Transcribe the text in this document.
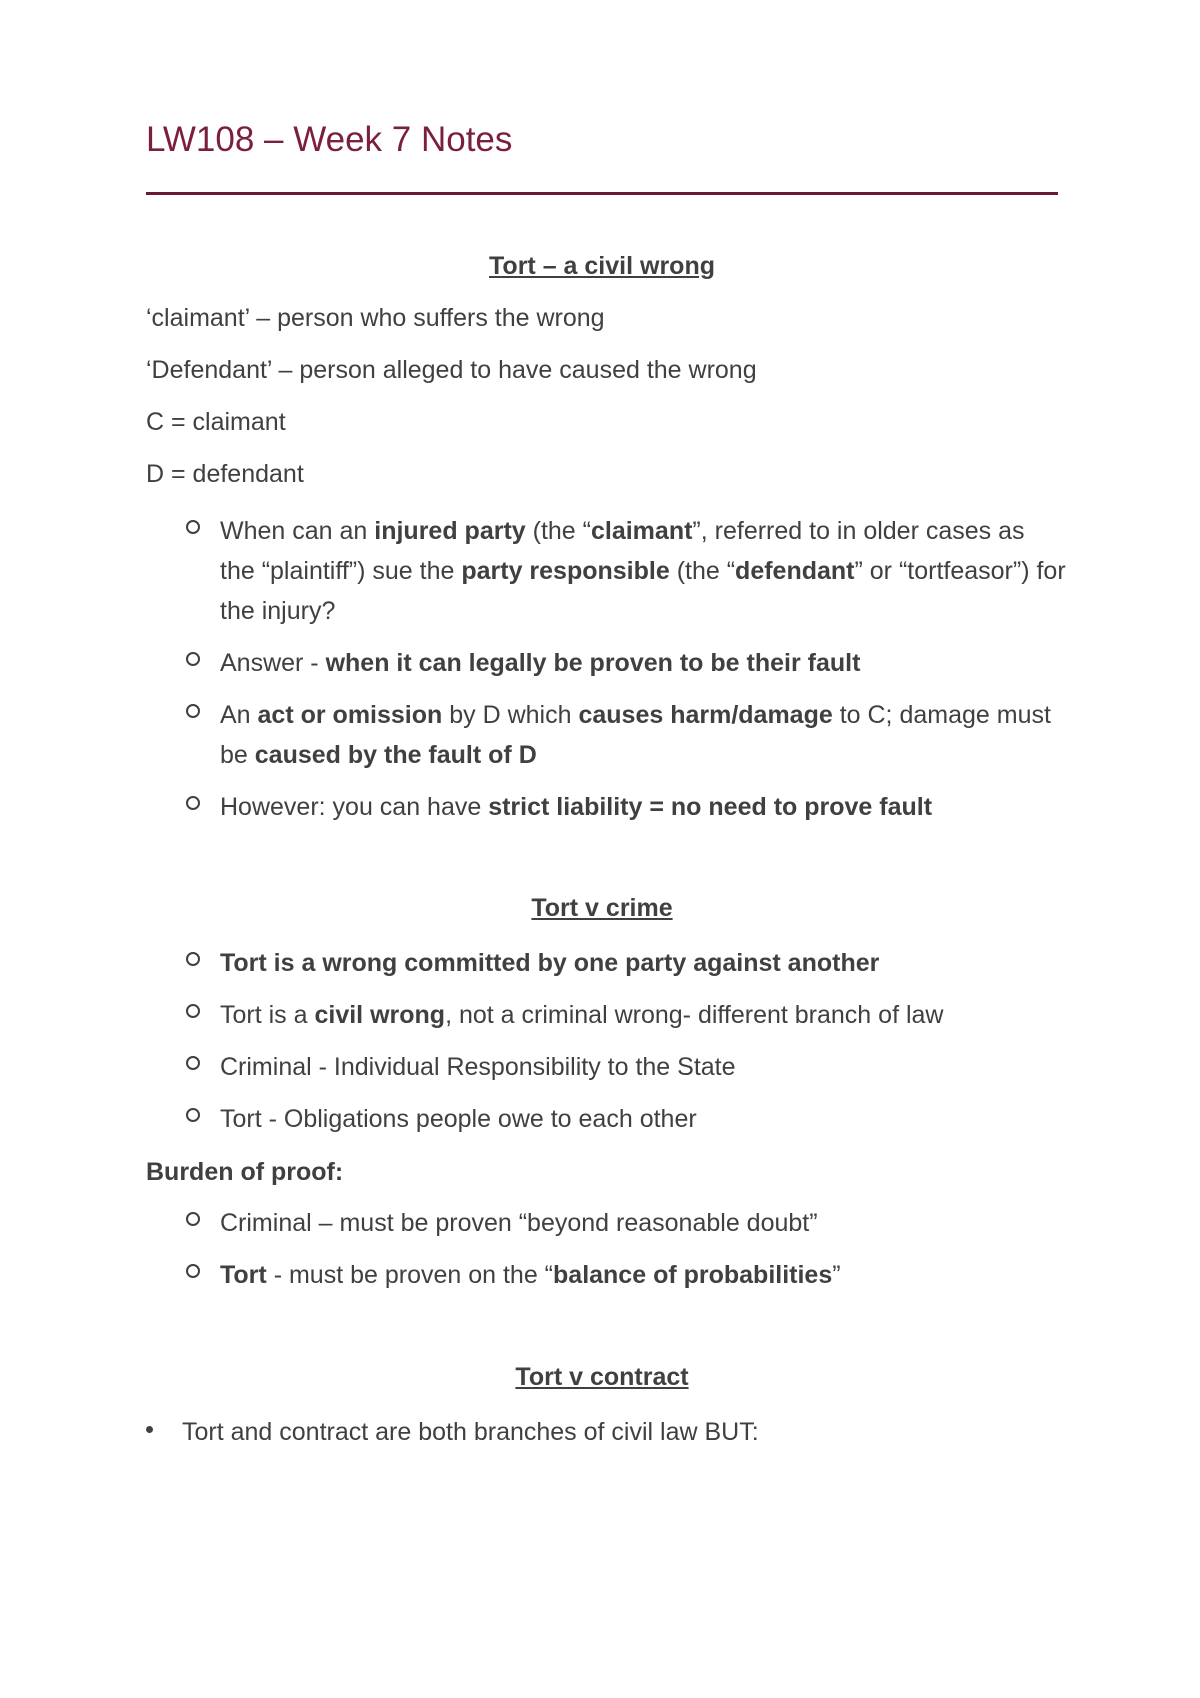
LW108 – Week 7 Notes
Tort – a civil wrong
‘claimant’ – person who suffers the wrong
‘Defendant’ – person alleged to have caused the wrong
C = claimant
D = defendant
When can an injured party (the “claimant”, referred to in older cases as the “plaintiff”) sue the party responsible (the “defendant” or “tortfeasor”) for the injury?
Answer - when it can legally be proven to be their fault
An act or omission by D which causes harm/damage to C; damage must be caused by the fault of D
However: you can have strict liability = no need to prove fault
Tort v crime
Tort is a wrong committed by one party against another
Tort is a civil wrong, not a criminal wrong- different branch of law
Criminal - Individual Responsibility to the State
Tort - Obligations people owe to each other
Burden of proof:
Criminal – must be proven “beyond reasonable doubt”
Tort - must be proven on the “balance of probabilities”
Tort v contract
Tort and contract are both branches of civil law BUT:
